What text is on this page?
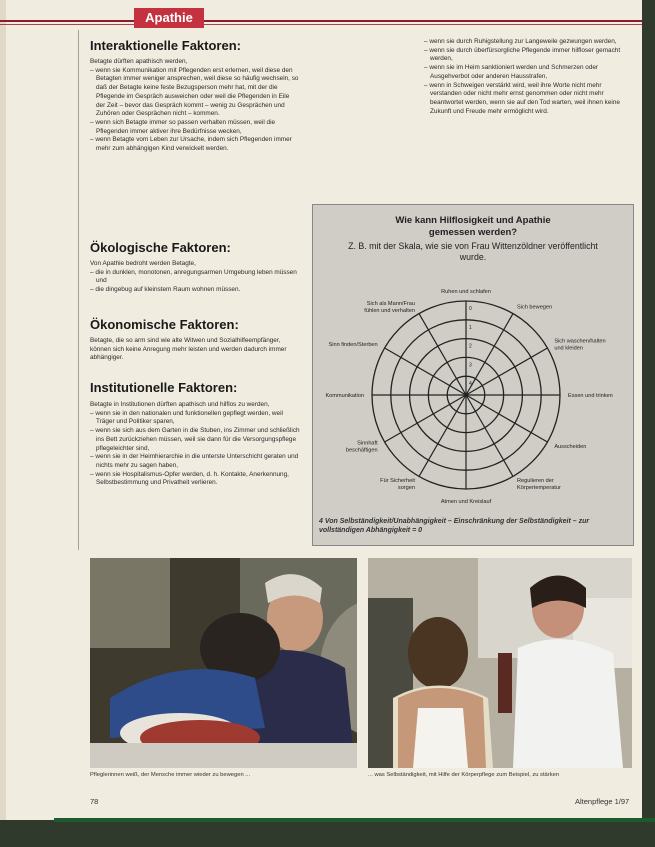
Apathie
Interaktionelle Faktoren:

Betagte dürften apathisch werden,

– wenn sie Kommunikation mit Pflegenden erst erlernen, weil diese den Betagten immer weniger ansprechen, weil diese so häufig wechseln, so daß der Betagte keine feste Bezugsperson mehr hat, mit der die Pflegende im Gespräch ausweichen oder weil die Pflegenden in Eile der Zeit – bevor das Gespräch kommt – wenig zu Gesprächen und Zuhören oder Gesprächen nicht – kommen.
– wenn sich Betagte immer so passen verhalten müssen, weil die Pflegenden immer aktiver ihre Bedürfnisse wecken,
– wenn Betagte vom Leben zur Ursache, indem sich Pflegenden immer mehr zum abhängigen Kind verwickelt werden.
Ökologische Faktoren:

Von Apathie bedroht werden Betagte,

– die in dunklen, monotonen, anregungsarmen Umgebung leben müssen und
– die dingebug auf kleinstem Raum wohnen müssen.
Ökonomische Faktoren:

Betagte, die so arm sind wie alte Witwen und Sozialhilfeempfänger, können sich keine Anregung mehr leisten und werden dadurch immer abhängiger.

Institutionelle Faktoren:

Betagte in Institutionen dürften apathisch und hilflos zu werden,

– wenn sie in den nationalen und funktionellen gepflegt werden, weil Träger und Politiker sparen,
– wenn sie sich aus dem Garten in die Stuben, ins Zimmer und schließlich ins Bett zurückziehen müssen, weil sie dann für die Versorgungspflege pflegeleichter sind,
– wenn sie in der Heimhierarchie in die unterste Unterschicht geraten und nichts mehr zu sagen haben,
– wenn sie Hospitalismus-Opfer werden, d. h. Kontakte, Anerkennung, Selbstbestimmung und Privatheit verlieren.
– wenn sie durch Ruhigstellung zur Langeweile gezwungen werden,
– wenn sie durch überfürsorgliche Pflegende immer hilfloser gemacht werden,
– wenn sie im Heim sanktioniert werden und Schmerzen oder Ausgehverbot oder anderen Hausstrafen,
– wenn in Schweigen verstärkt wird, weil ihre Worte nicht mehr verstanden oder nicht mehr ernst genommen oder nicht mehr beantwortet werden, wenn sie auf den Tod warten, weil ihnen keine Zukunft und Freude mehr ermöglicht wird.
Wie kann Hilflosigkeit und Apathie
gemessen werden?
Z. B. mit der Skala, wie sie von Frau Wittenzöldner veröffentlicht
wurde.
0
1
2
3
4
Ruhen und schlafen
Sich bewegen
Sich waschen/halten und kleiden
Essen und trinken
Ausscheiden
Regulieren der Körpertemperatur
Atmen und Kreislauf
Für Sicherheit sorgen
Sinnhaft beschäftigen
Kommunikation
Sinn finden/Sterben
Sich als Mann/Frau fühlen und verhalten
4 Von Selbständigkeit/Unabhängigkeit – Einschränkung der Selbständigkeit – zur vollständigen Abhängigkeit = 0
Pfleglerinnen weiß, der Mensche immer wieder zu bewegen ...	... was Selbständigkeit, mit Hilfe der Körperpflege zum Beispiel, zu stärken
78	Altenpflege 1/97
